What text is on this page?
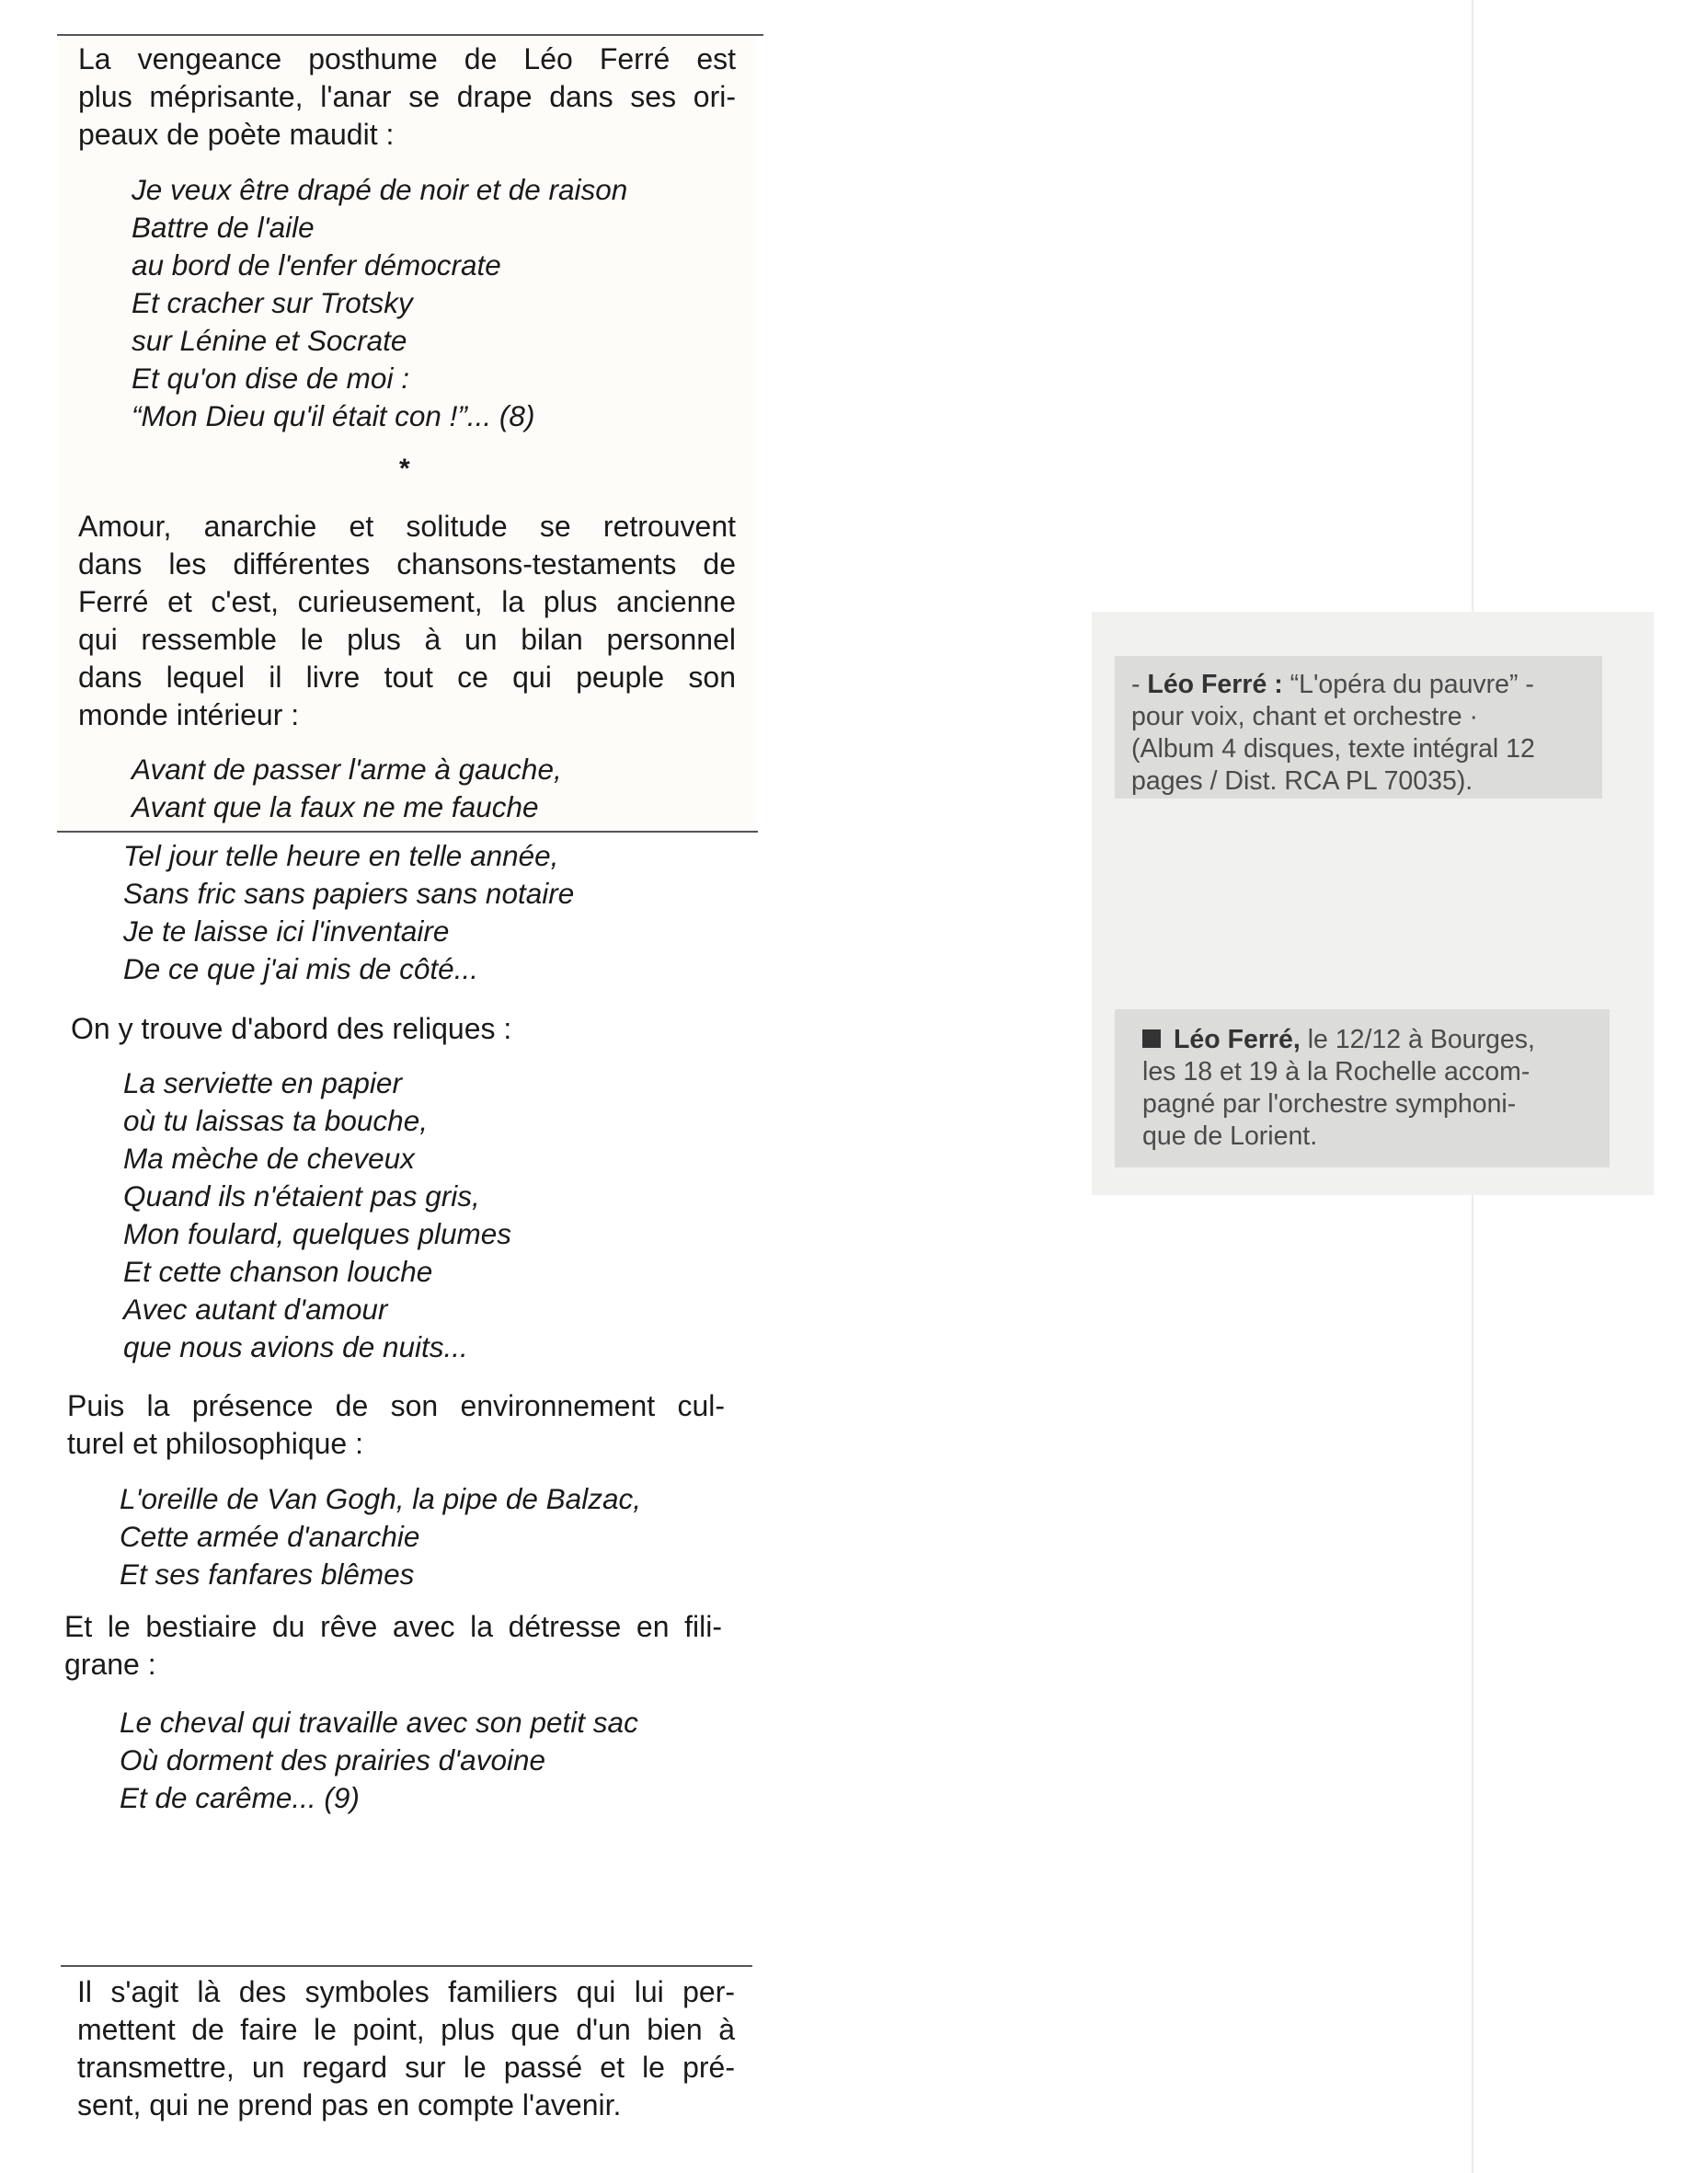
La vengeance posthume de Léo Ferré est
plus méprisante, l'anar se drape dans ses ori-
peaux de poète maudit :
Je veux être drapé de noir et de raison
Battre de l'aile
au bord de l'enfer démocrate
Et cracher sur Trotsky
sur Lénine et Socrate
Et qu'on dise de moi :
“Mon Dieu qu'il était con !”... (8)
*
Amour, anarchie et solitude se retrouvent
dans les différentes chansons-testaments de
Ferré et c'est, curieusement, la plus ancienne
qui ressemble le plus à un bilan personnel
dans lequel il livre tout ce qui peuple son
monde intérieur :
Avant de passer l'arme à gauche,
Avant que la faux ne me fauche
Tel jour telle heure en telle année,
Sans fric sans papiers sans notaire
Je te laisse ici l'inventaire
De ce que j'ai mis de côté...
On y trouve d'abord des reliques :
La serviette en papier
où tu laissas ta bouche,
Ma mèche de cheveux
Quand ils n'étaient pas gris,
Mon foulard, quelques plumes
Et cette chanson louche
Avec autant d'amour
que nous avions de nuits...
Puis la présence de son environnement cul-
turel et philosophique :
L'oreille de Van Gogh, la pipe de Balzac,
Cette armée d'anarchie
Et ses fanfares blêmes
Et le bestiaire du rêve avec la détresse en fili-
grane :
Le cheval qui travaille avec son petit sac
Où dorment des prairies d'avoine
Et de carême... (9)
Il s'agit là des symboles familiers qui lui per-
mettent de faire le point, plus que d'un bien à
transmettre, un regard sur le passé et le pré-
sent, qui ne prend pas en compte l'avenir.
- Léo Ferré : “L'opéra du pauvre” -
pour voix, chant et orchestre ·
(Album 4 disques, texte intégral 12
pages / Dist. RCA PL 70035).
Léo Ferré, le 12/12 à Bourges,
les 18 et 19 à la Rochelle accom-
pagné par l'orchestre symphoni-
que de Lorient.
